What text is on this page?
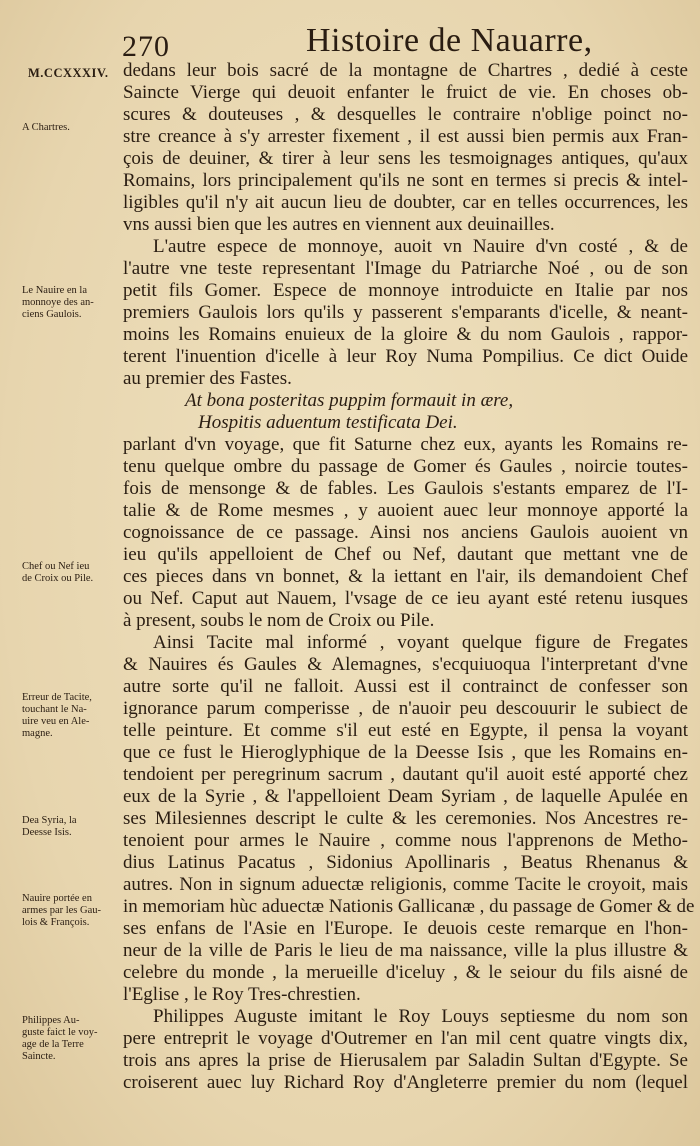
270	Histoire de Nauarre,
M.CCXXXIV. dedans leur bois sacré de la montagne de Chartres , dedié à ceste
Saincte Vierge qui deuoit enfanter le fruict de vie. En choses ob-
scures & douteuses , & desquelles le contraire n'oblige poinct no-
stre creance à s'y arrester fixement , il est aussi bien permis aux Fran-
çois de deuiner, & tirer à leur sens les tesmoignages antiques, qu'aux
Romains, lors principalement qu'ils ne sont en termes si precis & intel-
ligibles qu'il n'y ait aucun lieu de doubter, car en telles occurrences, les
vns aussi bien que les autres en viennent aux deuinailles.
L'autre espece de monnoye, auoit vn Nauire d'vn costé , & de
l'autre vne teste representant l'Image du Patriarche Noé , ou de son
petit fils Gomer. Espece de monnoye introduicte en Italie par nos
premiers Gaulois lors qu'ils y passerent s'emparants d'icelle, & neant-
moins les Romains enuieux de la gloire & du nom Gaulois , rappor-
terent l'inuention d'icelle à leur Roy Numa Pompilius. Ce dict Ouide
au premier des Fastes.
At bona posteritas puppim formauit in ære,
Hospitis aduentum testificata Dei.
parlant d'vn voyage, que fit Saturne chez eux, ayants les Romains re-
tenu quelque ombre du passage de Gomer és Gaules , noircie toutes-
fois de mensonge & de fables. Les Gaulois s'estants emparez de l'I-
talie & de Rome mesmes , y auoient auec leur monnoye apporté la
cognoissance de ce passage. Ainsi nos anciens Gaulois auoient vn
ieu qu'ils appelloient de Chef ou Nef, dautant que mettant vne de
ces pieces dans vn bonnet, & la iettant en l'air, ils demandoient Chef
ou Nef. Caput aut Nauem, l'vsage de ce ieu ayant esté retenu iusques
à present, soubs le nom de Croix ou Pile.
Ainsi Tacite mal informé , voyant quelque figure de Fregates
& Nauires és Gaules & Alemagnes, s'ecquiuoqua l'interpretant d'vne
autre sorte qu'il ne falloit. Aussi est il contrainct de confesser son
ignorance parum comperisse , de n'auoir peu descouurir le subiect de
telle peinture. Et comme s'il eut esté en Egypte, il pensa la voyant
que ce fust le Hieroglyphique de la Deesse Isis , que les Romains en-
tendoient per peregrinum sacrum , dautant qu'il auoit esté apporté chez
eux de la Syrie , & l'appelloient Deam Syriam , de laquelle Apulée en
ses Milesiennes descript le culte & les ceremonies. Nos Ancestres re-
tenoient pour armes le Nauire , comme nous l'apprenons de Metho-
dius Latinus Pacatus , Sidonius Apollinaris , Beatus Rhenanus &
autres. Non in signum aduectæ religionis, comme Tacite le croyoit, mais
in memoriam hùc aduectæ Nationis Gallicanæ , du passage de Gomer & de
ses enfans de l'Asie en l'Europe. Ie deuois ceste remarque en l'hon-
neur de la ville de Paris le lieu de ma naissance, ville la plus illustre &
celebre du monde , la merueille d'iceluy , & le seiour du fils aisné de
l'Eglise , le Roy Tres-chrestien.
Philippes Auguste imitant le Roy Louys septiesme du nom son
pere entreprit le voyage d'Outremer en l'an mil cent quatre vingts dix,
trois ans apres la prise de Hierusalem par Saladin Sultan d'Egypte. Se
croiserent auec luy Richard Roy d'Angleterre premier du nom (lequel
A Chartres.
Le Nauire en la
monnoye des an-
ciens Gaulois.
Chef ou Nef ieu
de Croix ou Pile.
Erreur de Tacite,
touchant le Na-
uire veu en Ale-
magne.
Dea Syria, la
Deesse Isis.
Nauire portée en
armes par les Gau-
lois & François.
Philippes Au-
guste faict le voy-
age de la Terre
Saincte.
